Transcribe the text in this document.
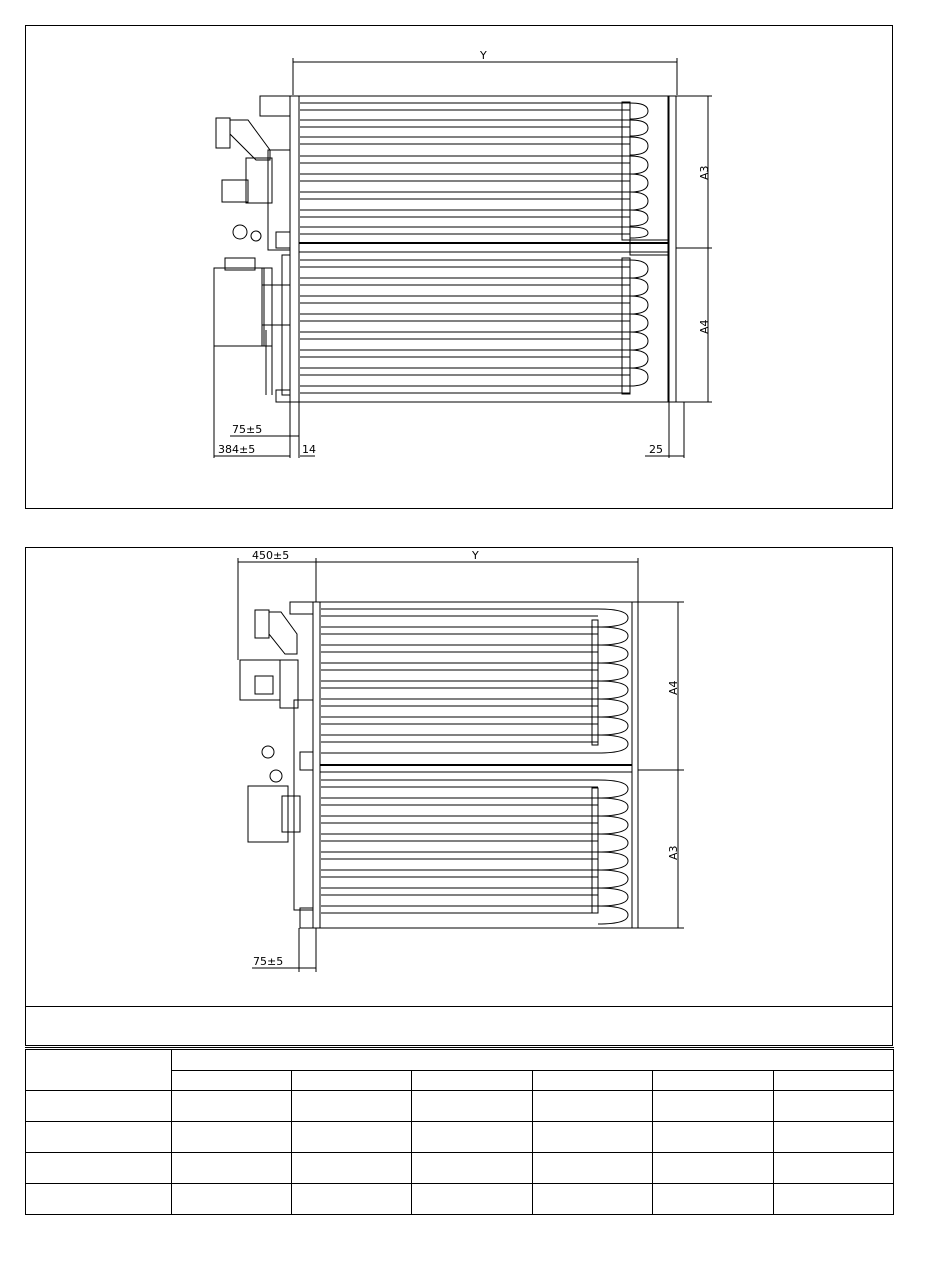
Y
A3
A4
75±5
384±5	14	25
450±5	Y
A4
A3
75±5
